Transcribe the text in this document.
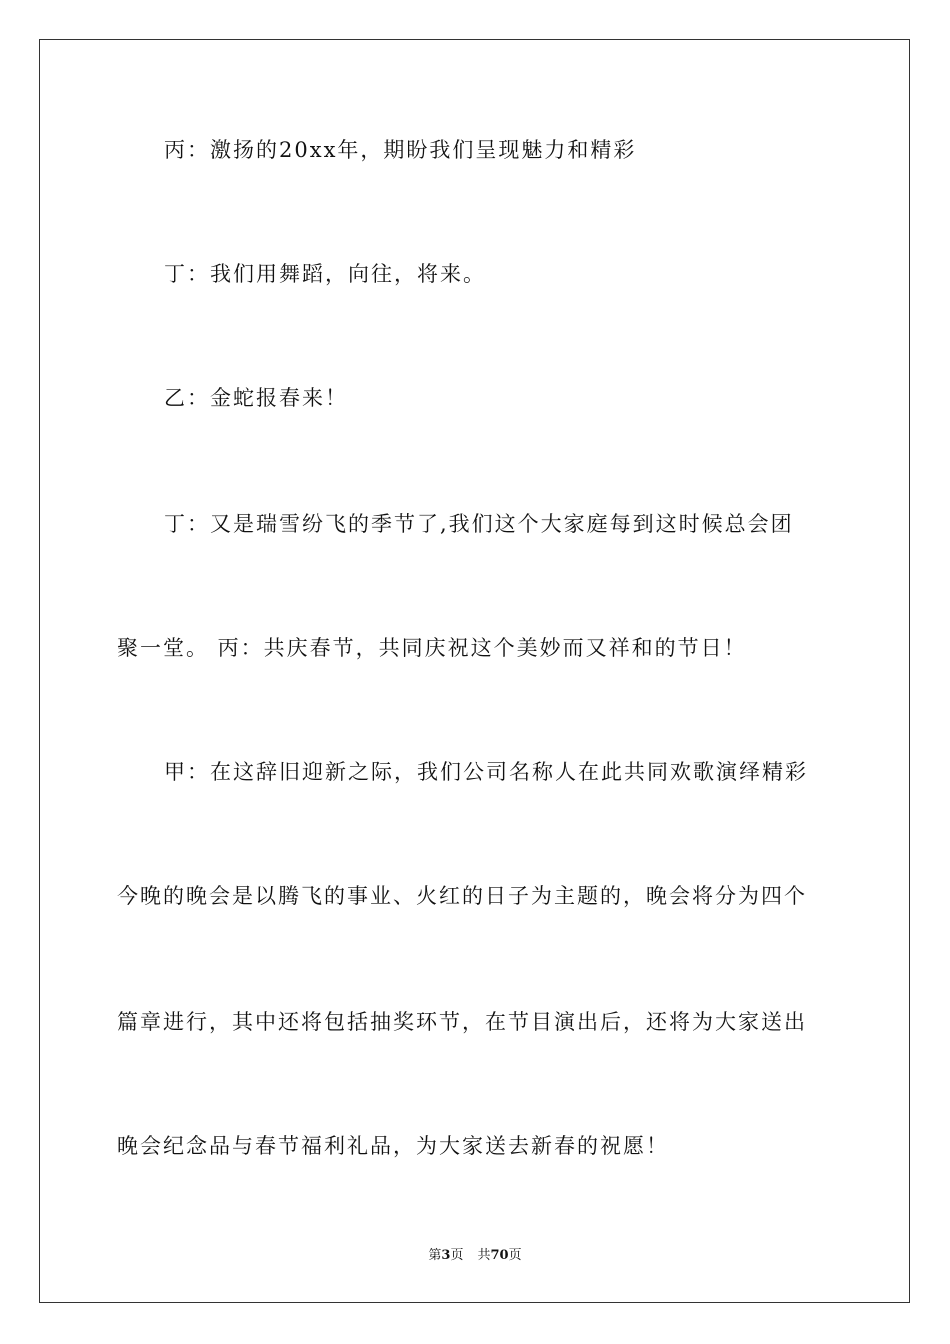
丙：激扬的20xx年，期盼我们呈现魅力和精彩
丁：我们用舞蹈，向往，将来。
乙：金蛇报春来！
丁：又是瑞雪纷飞的季节了,我们这个大家庭每到这时候总会团
聚一堂。 丙：共庆春节，共同庆祝这个美妙而又祥和的节日！
甲：在这辞旧迎新之际，我们公司名称人在此共同欢歌演绎精彩
今晚的晚会是以腾飞的事业、火红的日子为主题的，晚会将分为四个
篇章进行，其中还将包括抽奖环节，在节目演出后，还将为大家送出
晚会纪念品与春节福利礼品，为大家送去新春的祝愿！
第3页 共70页
